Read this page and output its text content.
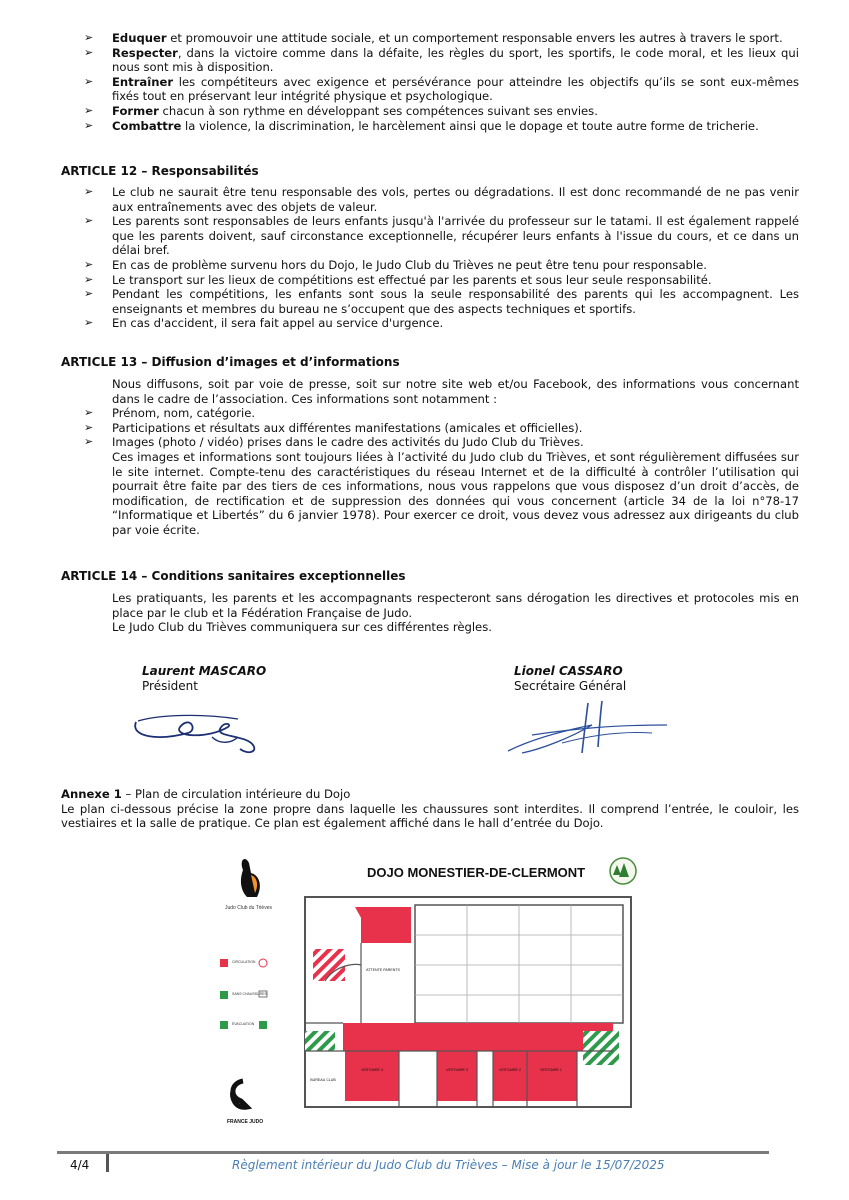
➢ Eduquer et promouvoir une attitude sociale, et un comportement responsable envers les autres à travers le sport.
➢ Respecter, dans la victoire comme dans la défaite, les règles du sport, les sportifs, le code moral, et les lieux qui nous sont mis à disposition.
➢ Entraîner les compétiteurs avec exigence et persévérance pour atteindre les objectifs qu’ils se sont eux-mêmes fixés tout en préservant leur intégrité physique et psychologique.
➢ Former chacun à son rythme en développant ses compétences suivant ses envies.
➢ Combattre la violence, la discrimination, le harcèlement ainsi que le dopage et toute autre forme de tricherie.
ARTICLE 12 – Responsabilités
➢ Le club ne saurait être tenu responsable des vols, pertes ou dégradations. Il est donc recommandé de ne pas venir aux entraînements avec des objets de valeur.
➢ Les parents sont responsables de leurs enfants jusqu'à l'arrivée du professeur sur le tatami. Il est également rappelé que les parents doivent, sauf circonstance exceptionnelle, récupérer leurs enfants à l'issue du cours, et ce dans un délai bref.
➢ En cas de problème survenu hors du Dojo, le Judo Club du Trièves ne peut être tenu pour responsable.
➢ Le transport sur les lieux de compétitions est effectué par les parents et sous leur seule responsabilité.
➢ Pendant les compétitions, les enfants sont sous la seule responsabilité des parents qui les accompagnent. Les enseignants et membres du bureau ne s’occupent que des aspects techniques et sportifs.
➢ En cas d'accident, il sera fait appel au service d'urgence.
ARTICLE 13 – Diffusion d’images et d’informations

Nous diffusons, soit par voie de presse, soit sur notre site web et/ou Facebook, des informations vous concernant dans le cadre de l’association. Ces informations sont notamment :

➢ Prénom, nom, catégorie.
➢ Participations et résultats aux différentes manifestations (amicales et officielles).
➢ Images (photo / vidéo) prises dans le cadre des activités du Judo Club du Trièves.

Ces images et informations sont toujours liées à l’activité du Judo club du Trièves, et sont régulièrement diffusées sur le site internet. Compte-tenu des caractéristiques du réseau Internet et de la difficulté à contrôler l’utilisation qui pourrait être faite par des tiers de ces informations, nous vous rappelons que vous disposez d’un droit d’accès, de modification, de rectification et de suppression des données qui vous concernent (article 34 de la loi n°78-17 “Informatique et Libertés” du 6 janvier 1978). Pour exercer ce droit, vous devez vous adressez aux dirigeants du club par voie écrite.

ARTICLE 14 – Conditions sanitaires exceptionnelles

Les pratiquants, les parents et les accompagnants respecteront sans dérogation les directives et protocoles mis en place par le club et la Fédération Française de Judo.

Le Judo Club du Trièves communiquera sur ces différentes règles.

Laurent MASCARO
Président
Lionel CASSARO
Secrétaire Général
Annexe 1 – Plan de circulation intérieure du Dojo

Le plan ci-dessous précise la zone propre dans laquelle les chaussures sont interdites. Il comprend l’entrée, le couloir, les vestiaires et la salle de pratique. Ce plan est également affiché dans le hall d’entrée du Dojo.

Judo Club du Trièves
CIRCULATION
SANS CHAUSSURES
ÉVACUATION
FRANCE JUDO
DOJO MONESTIER-DE-CLERMONT
VESTIAIRE 4	VESTIAIRE 3	VESTIAIRE 2	VESTIAIRE 1
BUREAU CLUB
ATTENTE PARENTS
4/4	Règlement intérieur du Judo Club du Trièves – Mise à jour le 15/07/2025
